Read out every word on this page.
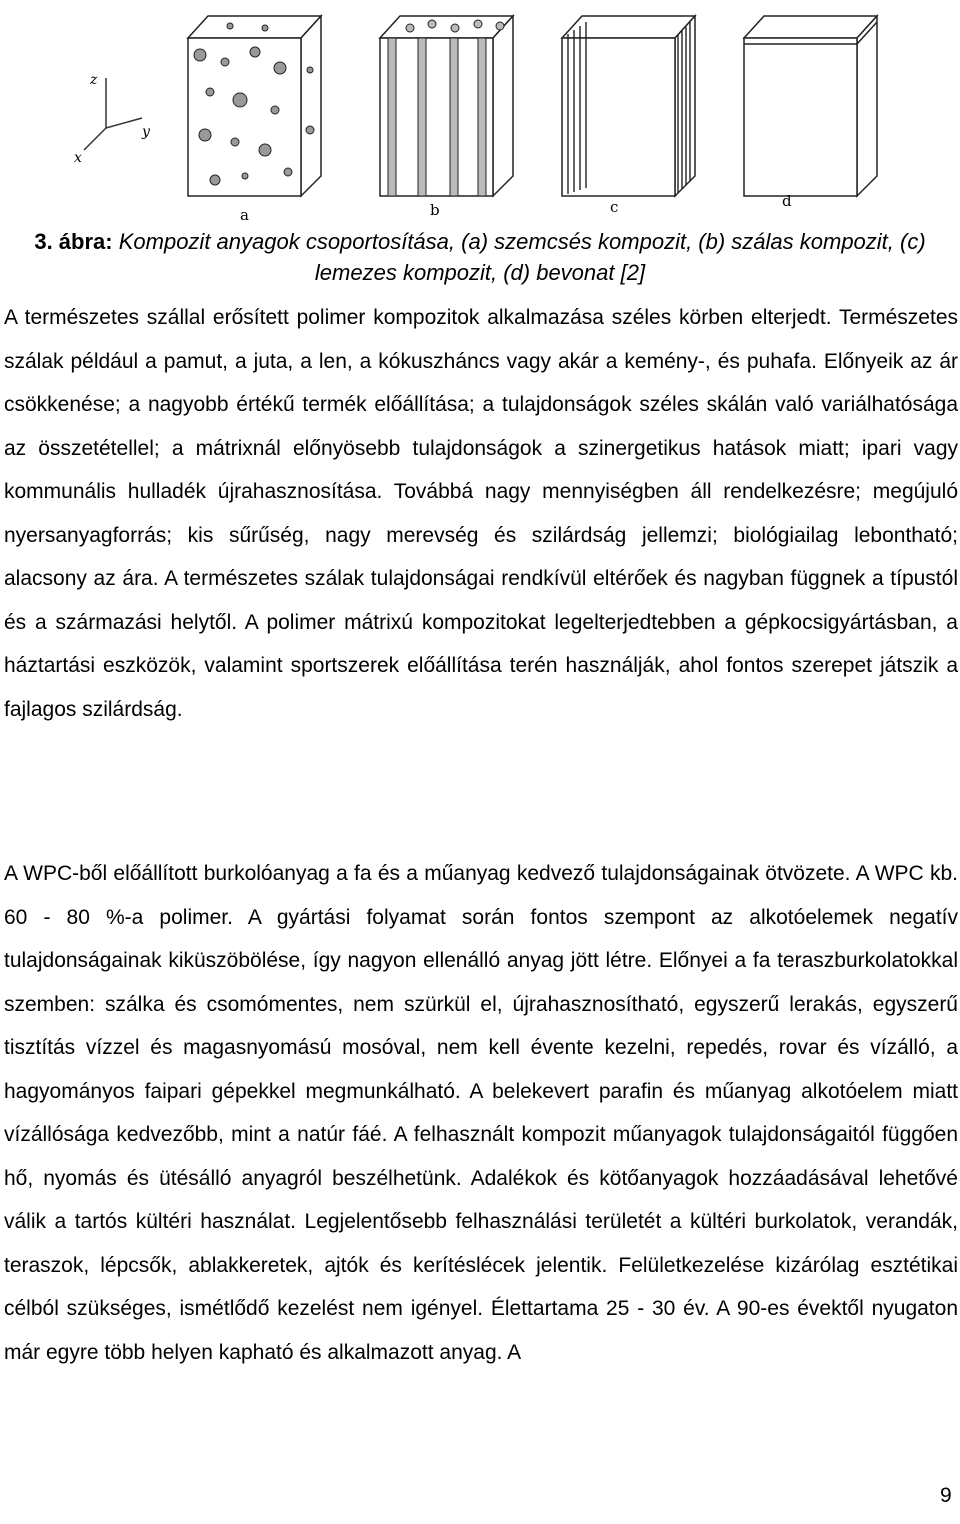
z
y
x
a	b	c	d
3. ábra: Kompozit anyagok csoportosítása, (a) szemcsés kompozit, (b) szálas kompozit, (c) lemezes kompozit, (d) bevonat [2]

A természetes szállal erősített polimer kompozitok alkalmazása széles körben elterjedt. Természetes szálak például a pamut, a juta, a len, a kókuszháncs vagy akár a kemény-, és puhafa. Előnyeik az ár csökkenése; a nagyobb értékű termék előállítása; a tulajdonságok széles skálán való variálhatósága az összetétellel; a mátrixnál előnyösebb tulajdonságok a szinergetikus hatások miatt; ipari vagy kommunális hulladék újrahasznosítása. Továbbá nagy mennyiségben áll rendelkezésre; megújuló nyersanyagforrás; kis sűrűség, nagy merevség és szilárdság jellemzi; biológiailag lebontható; alacsony az ára. A természetes szálak tulajdonságai rendkívül eltérőek és nagyban függnek a típustól és a származási helytől. A polimer mátrixú kompozitokat legelterjedtebben a gépkocsigyártásban, a háztartási eszközök, valamint sportszerek előállítása terén használják, ahol fontos szerepet játszik a fajlagos szilárdság.

A WPC-ből előállított burkolóanyag a fa és a műanyag kedvező tulajdonságainak ötvözete. A WPC kb. 60 - 80 %-a polimer. A gyártási folyamat során fontos szempont az alkotóelemek negatív tulajdonságainak kiküszöbölése, így nagyon ellenálló anyag jött létre. Előnyei a fa teraszburkolatokkal szemben: szálka és csomómentes, nem szürkül el, újrahasznosítható, egyszerű lerakás, egyszerű tisztítás vízzel és magasnyomású mosóval, nem kell évente kezelni, repedés, rovar és vízálló, a hagyományos faipari gépekkel megmunkálható. A belekevert parafin és műanyag alkotóelem miatt vízállósága kedvezőbb, mint a natúr fáé. A felhasznált kompozit műanyagok tulajdonságaitól függően hő, nyomás és ütésálló anyagról beszélhetünk. Adalékok és kötőanyagok hozzáadásával lehetővé válik a tartós kültéri használat. Legjelentősebb felhasználási területét a kültéri burkolatok, verandák, teraszok, lépcsők, ablakkeretek, ajtók és kerítéslécek jelentik. Felületkezelése kizárólag esztétikai célból szükséges, ismétlődő kezelést nem igényel. Élettartama 25 - 30 év. A 90-es évektől nyugaton már egyre több helyen kapható és alkalmazott anyag. A

9
